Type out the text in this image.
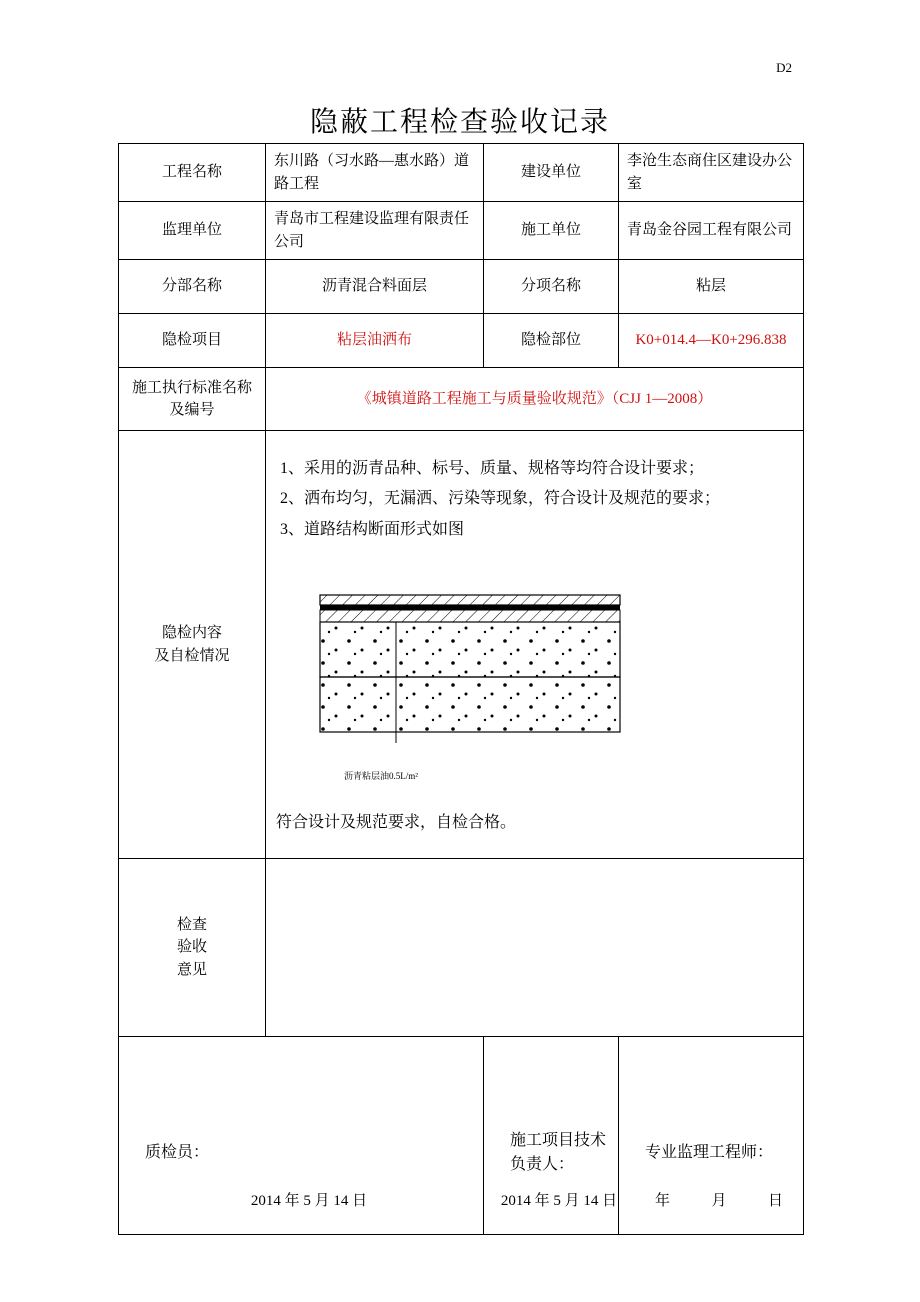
D2
隐蔽工程检查验收记录
工程名称	东川路（习水路—惠水路）道路工程	建设单位	李沧生态商住区建设办公室
监理单位	青岛市工程建设监理有限责任公司	施工单位	青岛金谷园工程有限公司
分部名称	沥青混合料面层	分项名称	粘层
隐检项目	粘层油洒布	隐检部位	K0+014.4—K0+296.838
施工执行标准名称及编号	《城镇道路工程施工与质量验收规范》（CJJ 1—2008）		

隐检内容
及自检情况

1、采用的沥青品种、标号、质量、规格等均符合设计要求；
2、洒布均匀，无漏洒、污染等现象，符合设计及规范的要求；
3、道路结构断面形式如图
沥青粘层油0.5L/m²
符合设计及规范要求，自检合格。

检查
验收
意见			

质检员：
2014 年 5 月 14 日

施工项目技术负责人：
2014 年 5 月 14 日

专业监理工程师：
年	月	日
